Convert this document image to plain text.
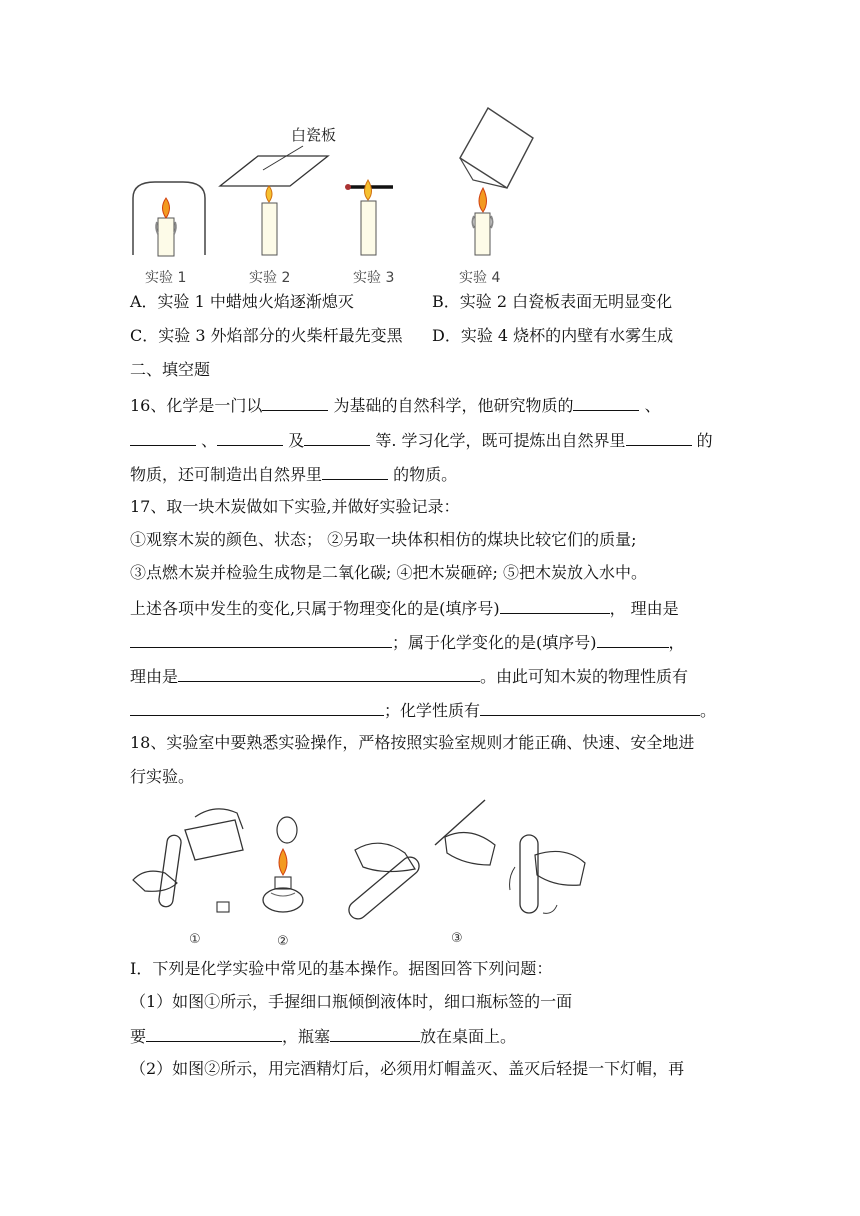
白瓷板
实验 1	实验 2	实验 3	实验 4
A．实验 1 中蜡烛火焰逐渐熄灭	B．实验 2 白瓷板表面无明显变化
C．实验 3 外焰部分的火柴杆最先变黑 D．实验 4 烧杯的内壁有水雾生成
二、填空题
16、化学是一门以	为基础的自然科学，他研究物质的	、
、	及	等. 学习化学，既可提炼出自然界里	的
物质，还可制造出自然界里	的物质。
17、取一块木炭做如下实验,并做好实验记录：
①观察木炭的颜色、状态； ②另取一块体积相仿的煤块比较它们的质量;
③点燃木炭并检验生成物是二氧化碳; ④把木炭砸碎; ⑤把木炭放入水中。
上述各项中发生的变化,只属于物理变化的是(填序号)	， 理由是
；属于化学变化的是(填序号)	，
理由是	。由此可知木炭的物理性质有
；化学性质有	。
18、实验室中要熟悉实验操作，严格按照实验室规则才能正确、快速、安全地进
行实验。
①	②	③
Ⅰ．下列是化学实验中常见的基本操作。据图回答下列问题：
（1）如图①所示，手握细口瓶倾倒液体时，细口瓶标签的一面
要	，瓶塞	放在桌面上。
（2）如图②所示，用完酒精灯后，必须用灯帽盖灭、盖灭后轻提一下灯帽，再
